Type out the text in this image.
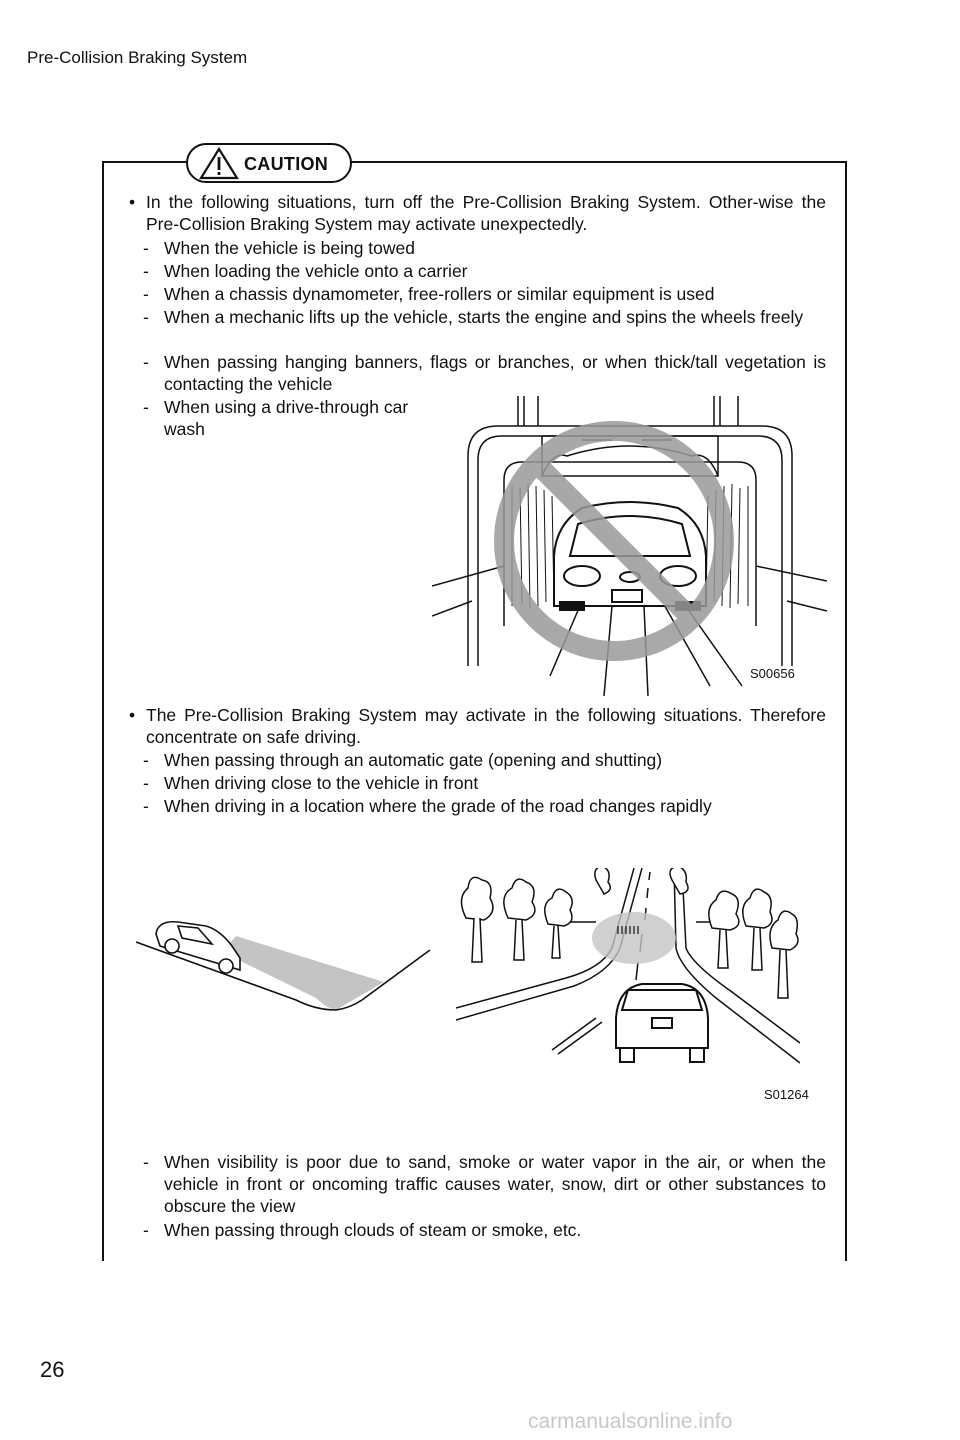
Pre-Collision Braking System
CAUTION
• In the following situations, turn off the Pre-Collision Braking System. Other-wise the Pre-Collision Braking System may activate unexpectedly.
- When the vehicle is being towed
- When loading the vehicle onto a carrier
- When a chassis dynamometer, free-rollers or similar equipment is used
- When a mechanic lifts up the vehicle, starts the engine and spins the wheels freely
- When passing hanging banners, flags or branches, or when thick/tall vegetation is contacting the vehicle
- When using a drive-through car wash
S00656
• The Pre-Collision Braking System may activate in the following situations. Therefore concentrate on safe driving.
- When passing through an automatic gate (opening and shutting)
- When driving close to the vehicle in front
- When driving in a location where the grade of the road changes rapidly
S01264
- When visibility is poor due to sand, smoke or water vapor in the air, or when the vehicle in front or oncoming traffic causes water, snow, dirt or other substances to obscure the view
- When passing through clouds of steam or smoke, etc.
26
carmanualsonline.info
